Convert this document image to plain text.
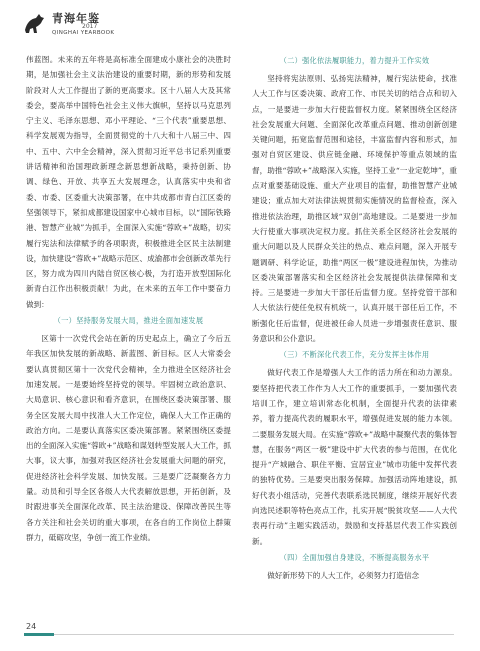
青海年鉴
2017
QINGHAI YEARBOOK

伟蓝图。未来的五年将是高标准全面建成小康社会的决胜时期，是加强社会主义法治建设的重要时期，新的形势和发展阶段对人大工作提出了新的更高要求。区十八届人大及其常委会，要高举中国特色社会主义伟大旗帜，坚持以马克思列宁主义、毛泽东思想、邓小平理论、“三个代表”重要思想、科学发展观为指导，全面贯彻党的十八大和十八届三中、四中、五中、六中全会精神，深入贯彻习近平总书记系列重要讲话精神和治国理政新理念新思想新战略，秉持创新、协调、绿色、开放、共享五大发展理念，认真落实中央和省委、市委、区委重大决策部署，在中共成都市青白江区委的坚强领导下，紧扣成都建设国家中心城市目标，以“国际铁路港、智慧产业城”为抓手，全面深入实施“蓉欧+”战略，切实履行宪法和法律赋予的各项职责，积极推进全区民主法制建设，加快建设“蓉欧+”战略示范区、成渝都市会创新改革先行区，努力成为四川内陆自贸区核心极，为打造开放型国际化新青白江作出积极贡献！为此，在未来的五年工作中要奋力做到：

（一）坚持服务发展大局，推进全面加速发展

区第十一次党代会站在新的历史起点上，确立了今后五年我区加快发展的新战略、新蓝图、新目标。区人大常委会要认真贯彻区第十一次党代会精神，全力推进全区经济社会加速发展。一是要始终坚持党的领导。牢固树立政治意识、大局意识、核心意识和看齐意识，在围绕区委决策部署、服务全区发展大局中找准人大工作定位，确保人大工作正确的政治方向。二是要认真落实区委决策部署。紧紧围绕区委提出的全面深入实施“蓉欧+”战略和谋划转型发展人大工作，抓大事，议大事，加强对我区经济社会发展重大问题的研究，促进经济社会科学发展、加快发展。三是要广泛凝聚各方力量。动员和引导全区各级人大代表解放思想，开拓创新，及时跟进事关全面深化改革、民主法治建设、保障改善民生等各方关注和社会关切的重大事项，在各自的工作岗位上群策群力，砥砺攻坚，争创一流工作业绩。

（二）强化依法履职能力，着力提升工作实效

坚持将宪法原则、弘扬宪法精神，履行宪法使命，找准人大工作与区委决策、政府工作、市民关切的结合点和切入点，一是要进一步加大行使监督权力度。紧紧围绕全区经济社会发展重大问题、全面深化改革重点问题、推动创新创建关键问题，拓宽监督范围和途径，丰富监督内容和形式，加强对自贸区建设、供应链金融、环境保护等重点领域的监督，助推“蓉欧+”战略深入实施，坚持工业“一业定乾坤”，重点对重要基础设施、重大产业项目的监督，助推智慧产业城建设；重点加大对法律法规贯彻实施情况的监督检查，深入推进依法治理，助推区域“双创”高地建设。二是要进一步加大行使重大事项决定权力度。抓住关系全区经济社会发展的重大问题以及人民群众关注的热点、难点问题，深入开展专题调研、科学论证，助推“两区一极”建设进程加快，为推动区委决策部署落实和全区经济社会发展提供法律保障和支持。三是要进一步加大干部任后监督力度。坚持党管干部和人大依法行使任免权有机统一，认真开展干部任后工作，不断强化任后监督，促进被任命人员进一步增强责任意识、服务意识和公仆意识。

（三）不断深化代表工作，充分发挥主体作用

做好代表工作是增强人大工作的活力所在和动力源泉。要坚持把代表工作作为人大工作的重要抓手，一要加强代表培训工作，建立培训常态化机制，全面提升代表的法律素养，着力提高代表的履职水平，增强促进发展的能力本领。二要服务发展大局。在实施“蓉欧+”战略中凝聚代表的集体智慧，在服务“两区一极”建设中扩大代表的参与范围，在优化提升“产城融合、职住平衡、宜居宜业”城市功能中发挥代表的独特优势。三是要突出服务保障。加强活动阵地建设，抓好代表小组活动，完善代表联系选民制度，继续开展好代表向选民述职等特色亮点工作，扎实开展“脱贫攻坚——人大代表再行动”主题实践活动，鼓励和支持基层代表工作实践创新。

（四）全面加强自身建设，不断提高服务水平

做好新形势下的人大工作，必须努力打造信念

24
